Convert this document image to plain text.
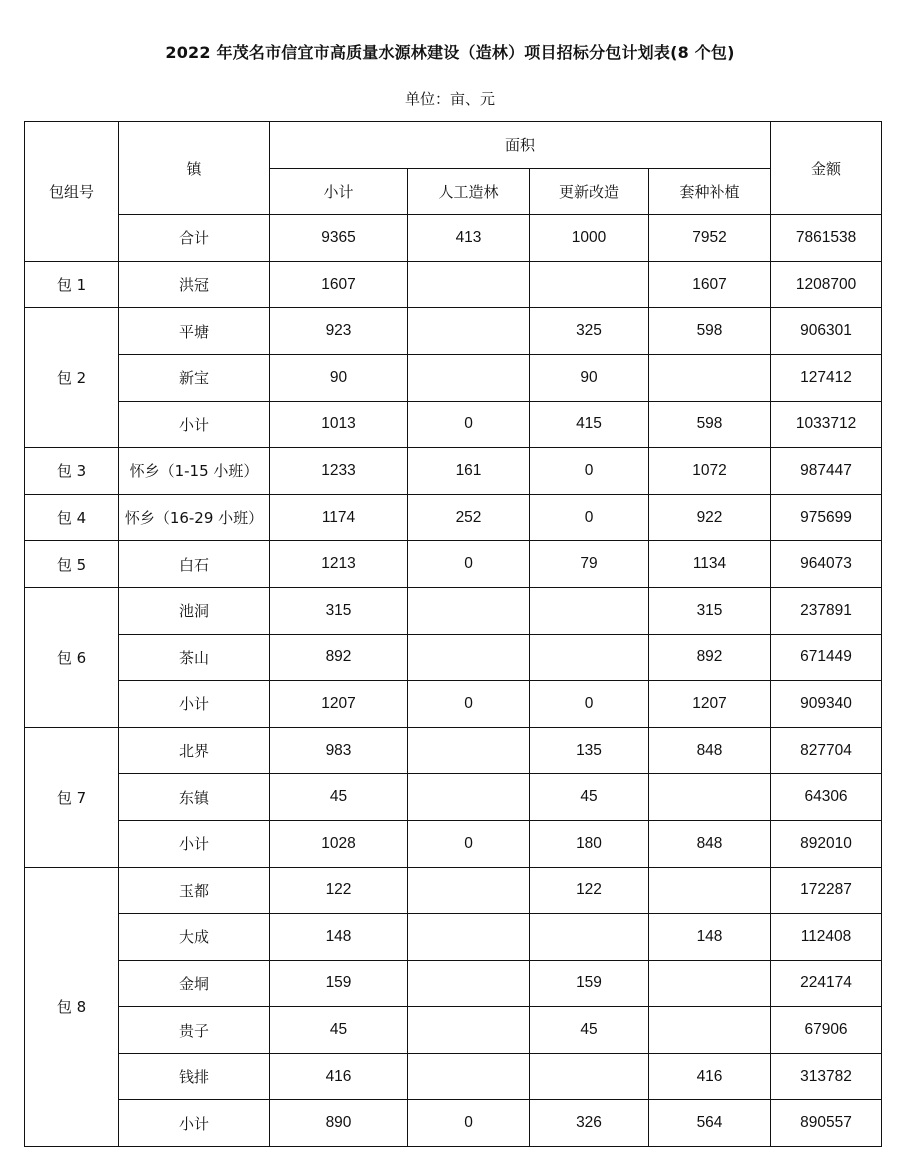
2022 年茂名市信宜市高质量水源林建设（造林）项目招标分包计划表(8 个包)
单位：亩、元
包组号	镇	面积				金额
		小计	人工造林	更新改造	套种补植	
	合计	9365	413	1000	7952	7861538
包 1	洪冠	1607			1607	1208700
包 2	平塘	923		325	598	906301
	新宝	90		90		127412
	小计	1013	0	415	598	1033712
包 3	怀乡（1-15 小班）	1233	161	0	1072	987447
包 4	怀乡（16-29 小班）	1174	252	0	922	975699
包 5	白石	1213	0	79	1134	964073
包 6	池洞	315			315	237891
	茶山	892			892	671449
	小计	1207	0	0	1207	909340
包 7	北界	983		135	848	827704
	东镇	45		45		64306
	小计	1028	0	180	848	892010
包 8	玉都	122		122		172287
	大成	148			148	112408
	金垌	159		159		224174
	贵子	45		45		67906
	钱排	416			416	313782
	小计	890	0	326	564	890557
